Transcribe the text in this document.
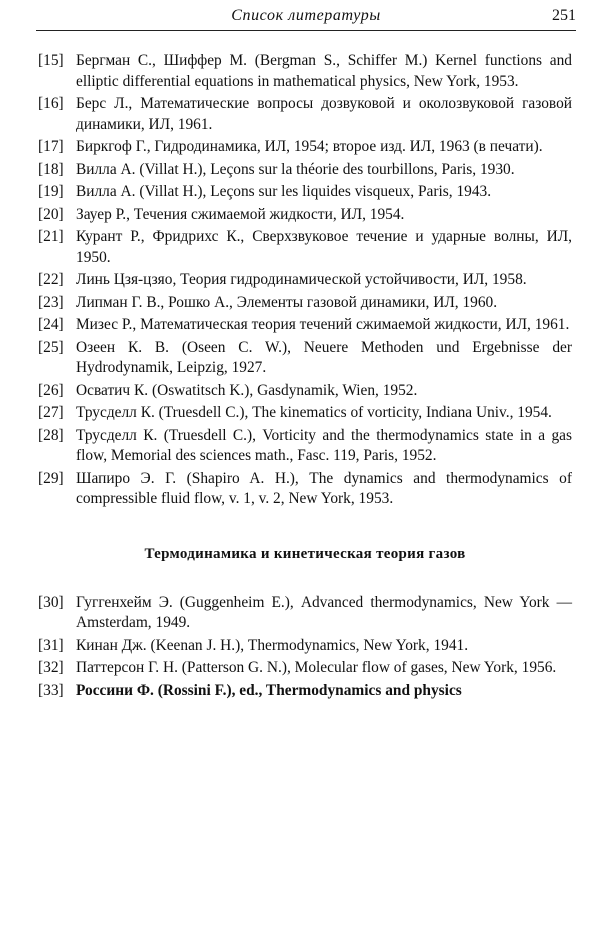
Список литературы	251
[15] Бергман С., Шиффер М. (Bergman S., Schiffer M.) Kernel functions and elliptic differential equations in mathematical physics, New York, 1953.
[16] Берс Л., Математические вопросы дозвуковой и околозвуковой газовой динамики, ИЛ, 1961.
[17] Биркгоф Г., Гидродинамика, ИЛ, 1954; второе изд. ИЛ, 1963 (в печати).
[18] Вилла А. (Villat H.), Leçons sur la théorie des tourbillons, Paris, 1930.
[19] Вилла А. (Villat H.), Leçons sur les liquides visqueux, Paris, 1943.
[20] Зауер Р., Течения сжимаемой жидкости, ИЛ, 1954.
[21] Курант Р., Фридрихс К., Сверхзвуковое течение и ударные волны, ИЛ, 1950.
[22] Линь Цзя-цзяо, Теория гидродинамической устойчивости, ИЛ, 1958.
[23] Липман Г. В., Рошко А., Элементы газовой динамики, ИЛ, 1960.
[24] Мизес Р., Математическая теория течений сжимаемой жидкости, ИЛ, 1961.
[25] Озеен К. В. (Oseen C. W.), Neuere Methoden und Ergebnisse der Hydrodynamik, Leipzig, 1927.
[26] Осватич К. (Oswatitsch K.), Gasdynamik, Wien, 1952.
[27] Трусделл К. (Truesdell C.), The kinematics of vorticity, Indiana Univ., 1954.
[28] Трусделл К. (Truesdell C.), Vorticity and the thermodynamics state in a gas flow, Memorial des sciences math., Fasc. 119, Paris, 1952.
[29] Шапиро Э. Г. (Shapiro A. H.), The dynamics and thermodynamics of compressible fluid flow, v. 1, v. 2, New York, 1953.
Термодинамика и кинетическая теория газов
[30] Гуггенхейм Э. (Guggenheim E.), Advanced thermodynamics, New York — Amsterdam, 1949.
[31] Кинан Дж. (Keenan J. H.), Thermodynamics, New York, 1941.
[32] Паттерсон Г. Н. (Patterson G. N.), Molecular flow of gases, New York, 1956.
[33] Россини Ф. (Rossini F.), ed., Thermodynamics and physics
